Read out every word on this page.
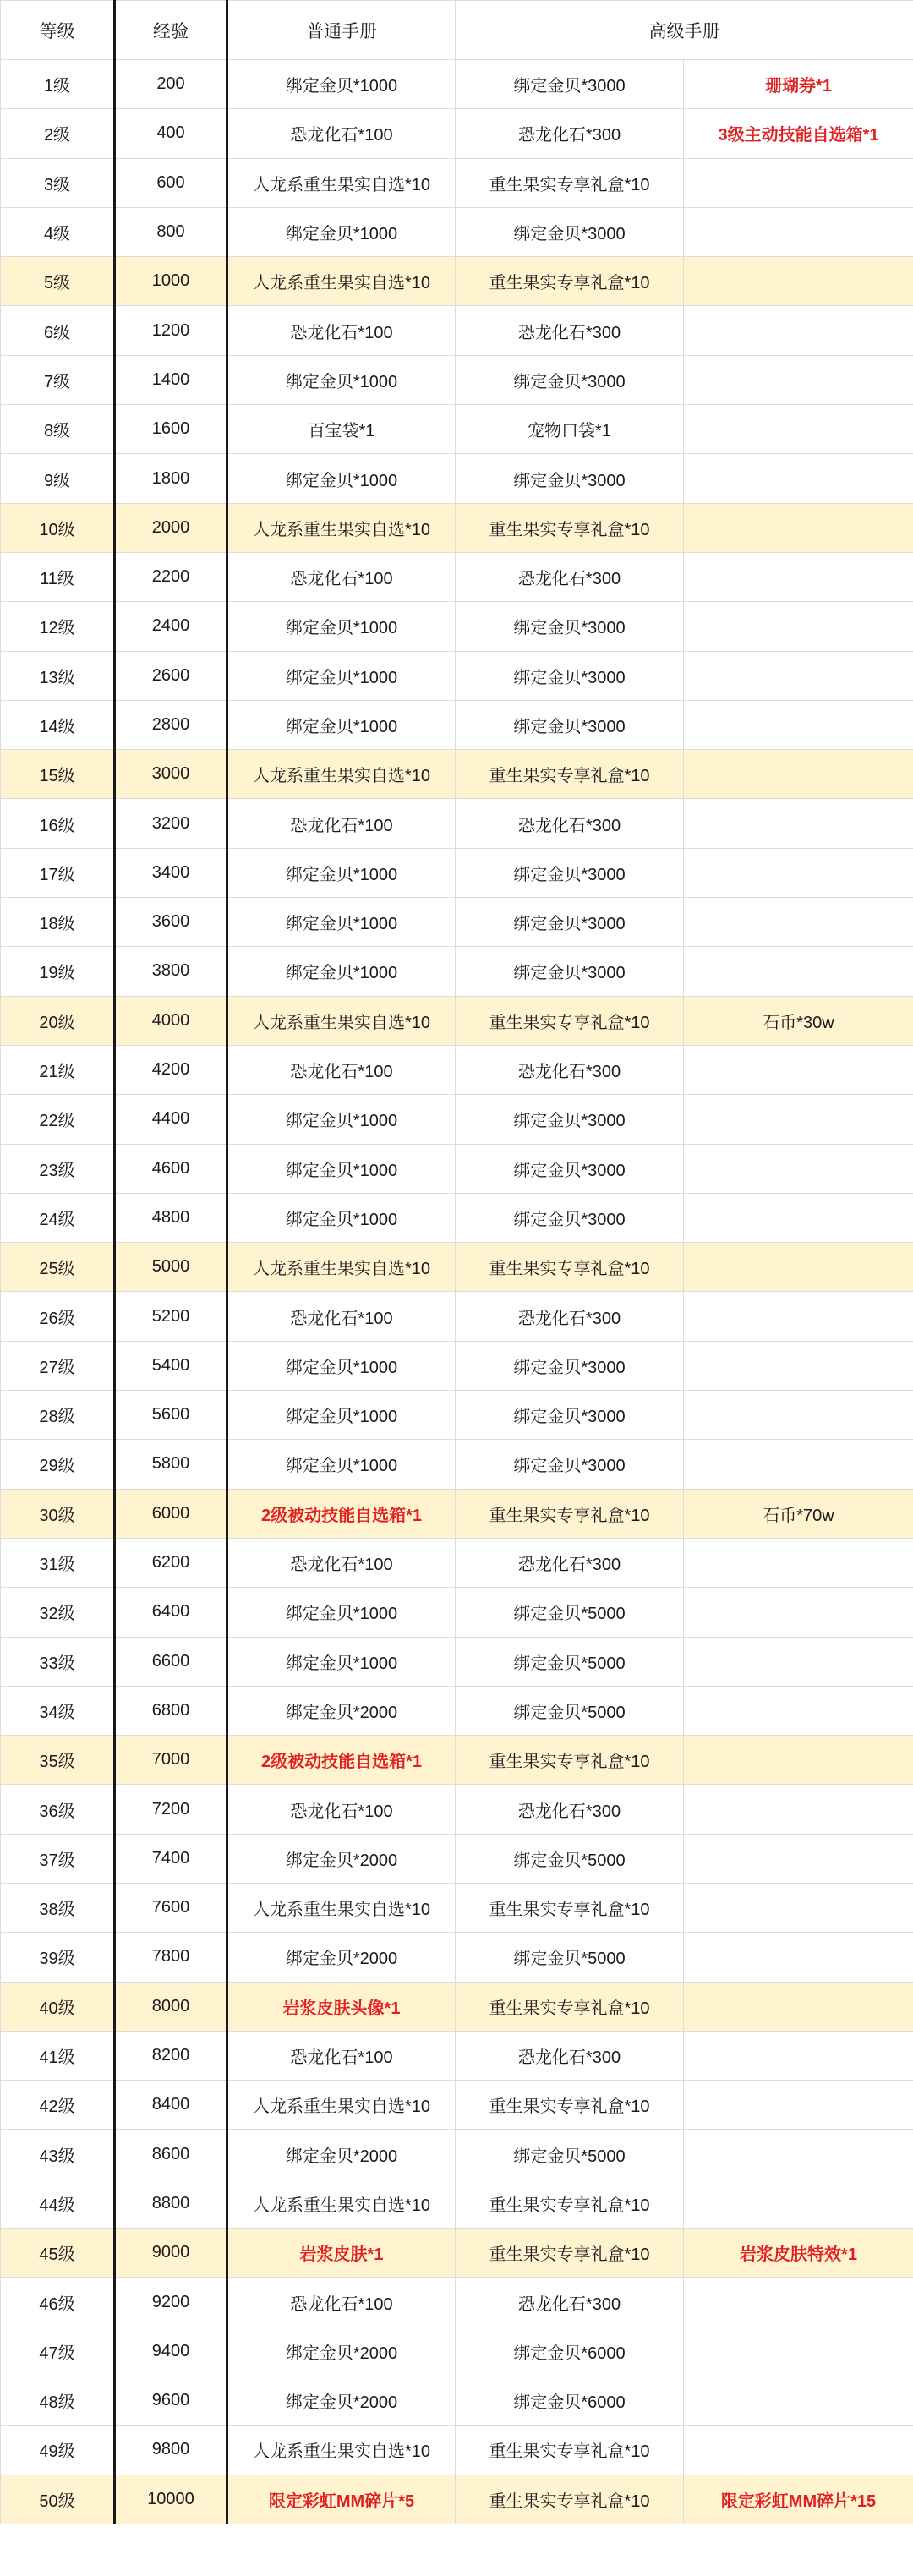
等级	经验	普通手册	高级手册	
1级	200	绑定金贝*1000	绑定金贝*3000	珊瑚券*1
2级	400	恐龙化石*100	恐龙化石*300	3级主动技能自选箱*1
3级	600	人龙系重生果实自选*10	重生果实专享礼盒*10	
4级	800	绑定金贝*1000	绑定金贝*3000	
5级	1000	人龙系重生果实自选*10	重生果实专享礼盒*10	
6级	1200	恐龙化石*100	恐龙化石*300	
7级	1400	绑定金贝*1000	绑定金贝*3000	
8级	1600	百宝袋*1	宠物口袋*1	
9级	1800	绑定金贝*1000	绑定金贝*3000	
10级	2000	人龙系重生果实自选*10	重生果实专享礼盒*10	
11级	2200	恐龙化石*100	恐龙化石*300	
12级	2400	绑定金贝*1000	绑定金贝*3000	
13级	2600	绑定金贝*1000	绑定金贝*3000	
14级	2800	绑定金贝*1000	绑定金贝*3000	
15级	3000	人龙系重生果实自选*10	重生果实专享礼盒*10	
16级	3200	恐龙化石*100	恐龙化石*300	
17级	3400	绑定金贝*1000	绑定金贝*3000	
18级	3600	绑定金贝*1000	绑定金贝*3000	
19级	3800	绑定金贝*1000	绑定金贝*3000	
20级	4000	人龙系重生果实自选*10	重生果实专享礼盒*10	石币*30w
21级	4200	恐龙化石*100	恐龙化石*300	
22级	4400	绑定金贝*1000	绑定金贝*3000	
23级	4600	绑定金贝*1000	绑定金贝*3000	
24级	4800	绑定金贝*1000	绑定金贝*3000	
25级	5000	人龙系重生果实自选*10	重生果实专享礼盒*10	
26级	5200	恐龙化石*100	恐龙化石*300	
27级	5400	绑定金贝*1000	绑定金贝*3000	
28级	5600	绑定金贝*1000	绑定金贝*3000	
29级	5800	绑定金贝*1000	绑定金贝*3000	
30级	6000	2级被动技能自选箱*1	重生果实专享礼盒*10	石币*70w
31级	6200	恐龙化石*100	恐龙化石*300	
32级	6400	绑定金贝*1000	绑定金贝*5000	
33级	6600	绑定金贝*1000	绑定金贝*5000	
34级	6800	绑定金贝*2000	绑定金贝*5000	
35级	7000	2级被动技能自选箱*1	重生果实专享礼盒*10	
36级	7200	恐龙化石*100	恐龙化石*300	
37级	7400	绑定金贝*2000	绑定金贝*5000	
38级	7600	人龙系重生果实自选*10	重生果实专享礼盒*10	
39级	7800	绑定金贝*2000	绑定金贝*5000	
40级	8000	岩浆皮肤头像*1	重生果实专享礼盒*10	
41级	8200	恐龙化石*100	恐龙化石*300	
42级	8400	人龙系重生果实自选*10	重生果实专享礼盒*10	
43级	8600	绑定金贝*2000	绑定金贝*5000	
44级	8800	人龙系重生果实自选*10	重生果实专享礼盒*10	
45级	9000	岩浆皮肤*1	重生果实专享礼盒*10	岩浆皮肤特效*1
46级	9200	恐龙化石*100	恐龙化石*300	
47级	9400	绑定金贝*2000	绑定金贝*6000	
48级	9600	绑定金贝*2000	绑定金贝*6000	
49级	9800	人龙系重生果实自选*10	重生果实专享礼盒*10	
50级	10000	限定彩虹MM碎片*5	重生果实专享礼盒*10	限定彩虹MM碎片*15
